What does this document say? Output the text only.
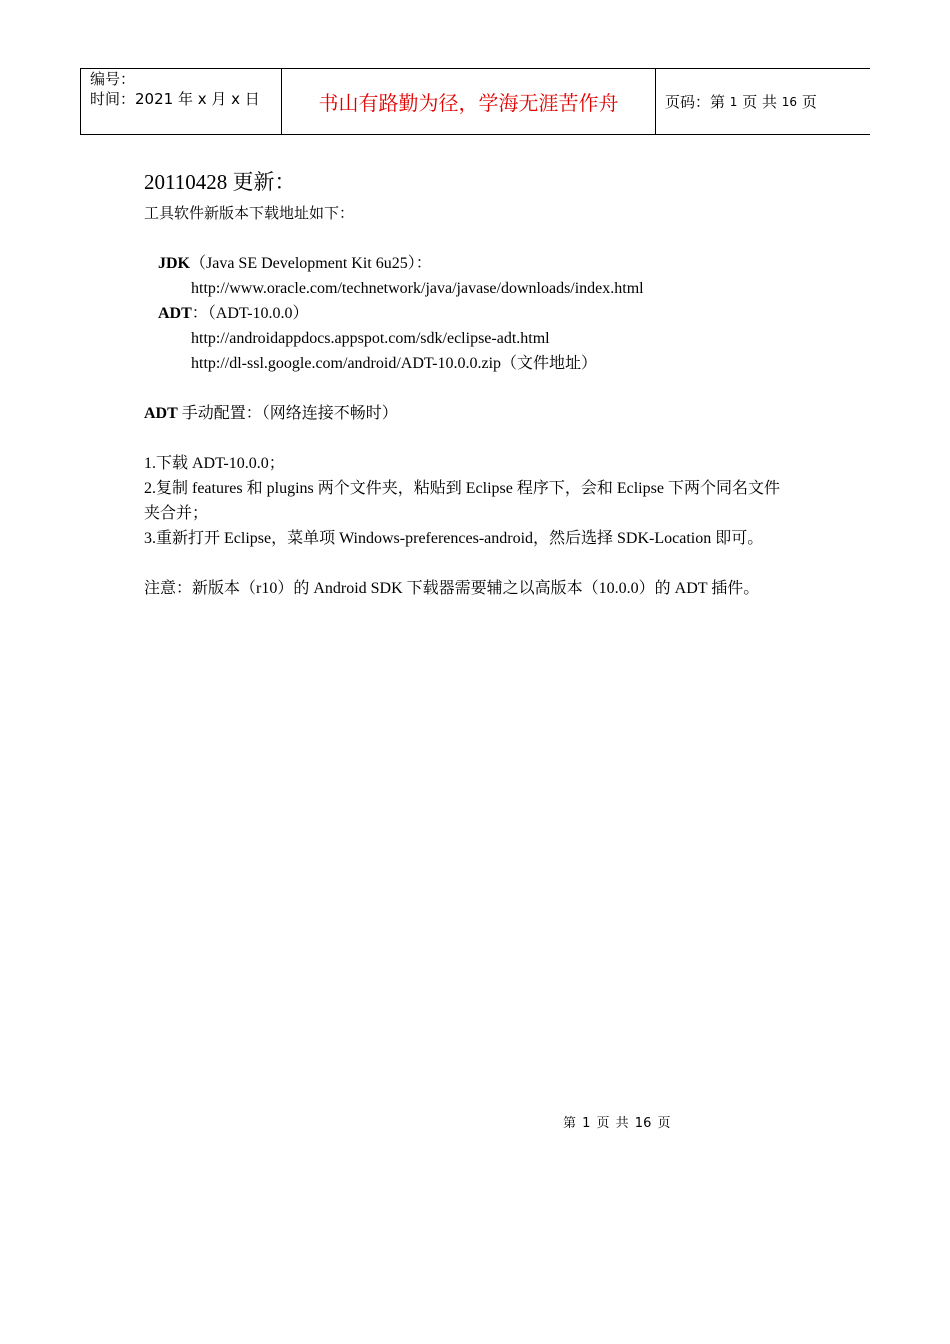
编号：
时间：2021 年 x 月 x 日	书山有路勤为径，学海无涯苦作舟	页码：第
1
页 共
16
页
20110428 更新：
工具软件新版本下载地址如下：
JDK（Java SE Development Kit 6u25）：
http://www.oracle.com/technetwork/java/javase/downloads/index.html
ADT：（ADT-10.0.0）
http://androidappdocs.appspot.com/sdk/eclipse-adt.html
http://dl-ssl.google.com/android/ADT-10.0.0.zip（文件地址）
ADT 手动配置：（网络连接不畅时）
1.下载 ADT-10.0.0；
2.复制 features 和 plugins 两个文件夹，粘贴到 Eclipse 程序下，会和 Eclipse 下两个同名文件
夹合并；
3.重新打开 Eclipse，菜单项 Windows-preferences-android，然后选择 SDK-Location 即可。
注意：新版本（r10）的 Android SDK 下载器需要辅之以高版本（10.0.0）的 ADT 插件。
第 1 页 共 16 页
